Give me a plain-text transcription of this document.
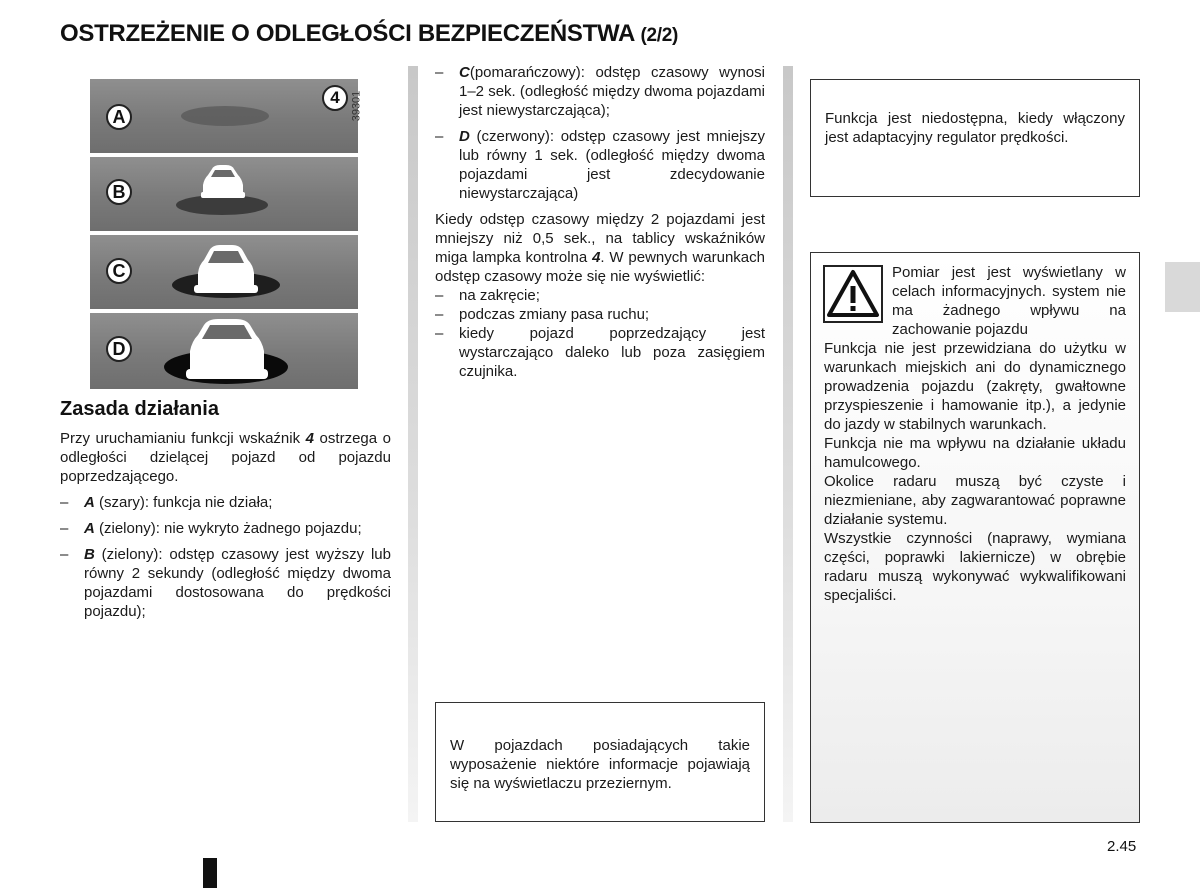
OSTRZEŻENIE O ODLEGŁOŚCI BEZPIECZEŃSTWA (2/2)
A
4
B
C
D
39301
Zasada działania
Przy uruchamianiu funkcji wskaźnik 4 ostrzega o odległości dzielącej pojazd od pojazdu poprzedzającego.
– A (szary): funkcja nie działa;
– A (zielony): nie wykryto żadnego pojazdu;
– B (zielony): odstęp czasowy jest wyższy lub równy 2 sekundy (odległość między dwoma pojazdami dostosowana do prędkości pojazdu);
– C(pomarańczowy): odstęp czasowy wynosi 1–2 sek. (odległość między dwoma pojazdami jest niewystarczająca);
– D (czerwony): odstęp czasowy jest mniejszy lub równy 1 sek. (odległość między dwoma pojazdami jest zdecydowanie niewystarczająca)
Kiedy odstęp czasowy między 2 pojazdami jest mniejszy niż 0,5 sek., na tablicy wskaźników miga lampka kontrolna 4. W pewnych warunkach odstęp czasowy może się nie wyświetlić:
– na zakręcie;
– podczas zmiany pasa ruchu;
– kiedy pojazd poprzedzający jest wystarczająco daleko lub poza zasięgiem czujnika.
W pojazdach posiadających takie wyposażenie niektóre informacje pojawiają się na wyświetlaczu przeziernym.
Funkcja jest niedostępna, kiedy włączony jest adaptacyjny regulator prędkości.
Pomiar jest jest wyświetlany w celach informacyjnych. system nie ma żadnego wpływu na zachowanie pojazdu

Funkcja nie jest przewidziana do użytku w warunkach miejskich ani do dynamicznego prowadzenia pojazdu (zakręty, gwałtowne przyspieszenie i hamowanie itp.), a jedynie do jazdy w stabilnych warunkach.

Funkcja nie ma wpływu na działanie układu hamulcowego.

Okolice radaru muszą być czyste i niezmieniane, aby zagwarantować poprawne działanie systemu.

Wszystkie czynności (naprawy, wymiana części, poprawki lakiernicze) w obrębie radaru muszą wykonywać wykwalifikowani specjaliści.

2.45
